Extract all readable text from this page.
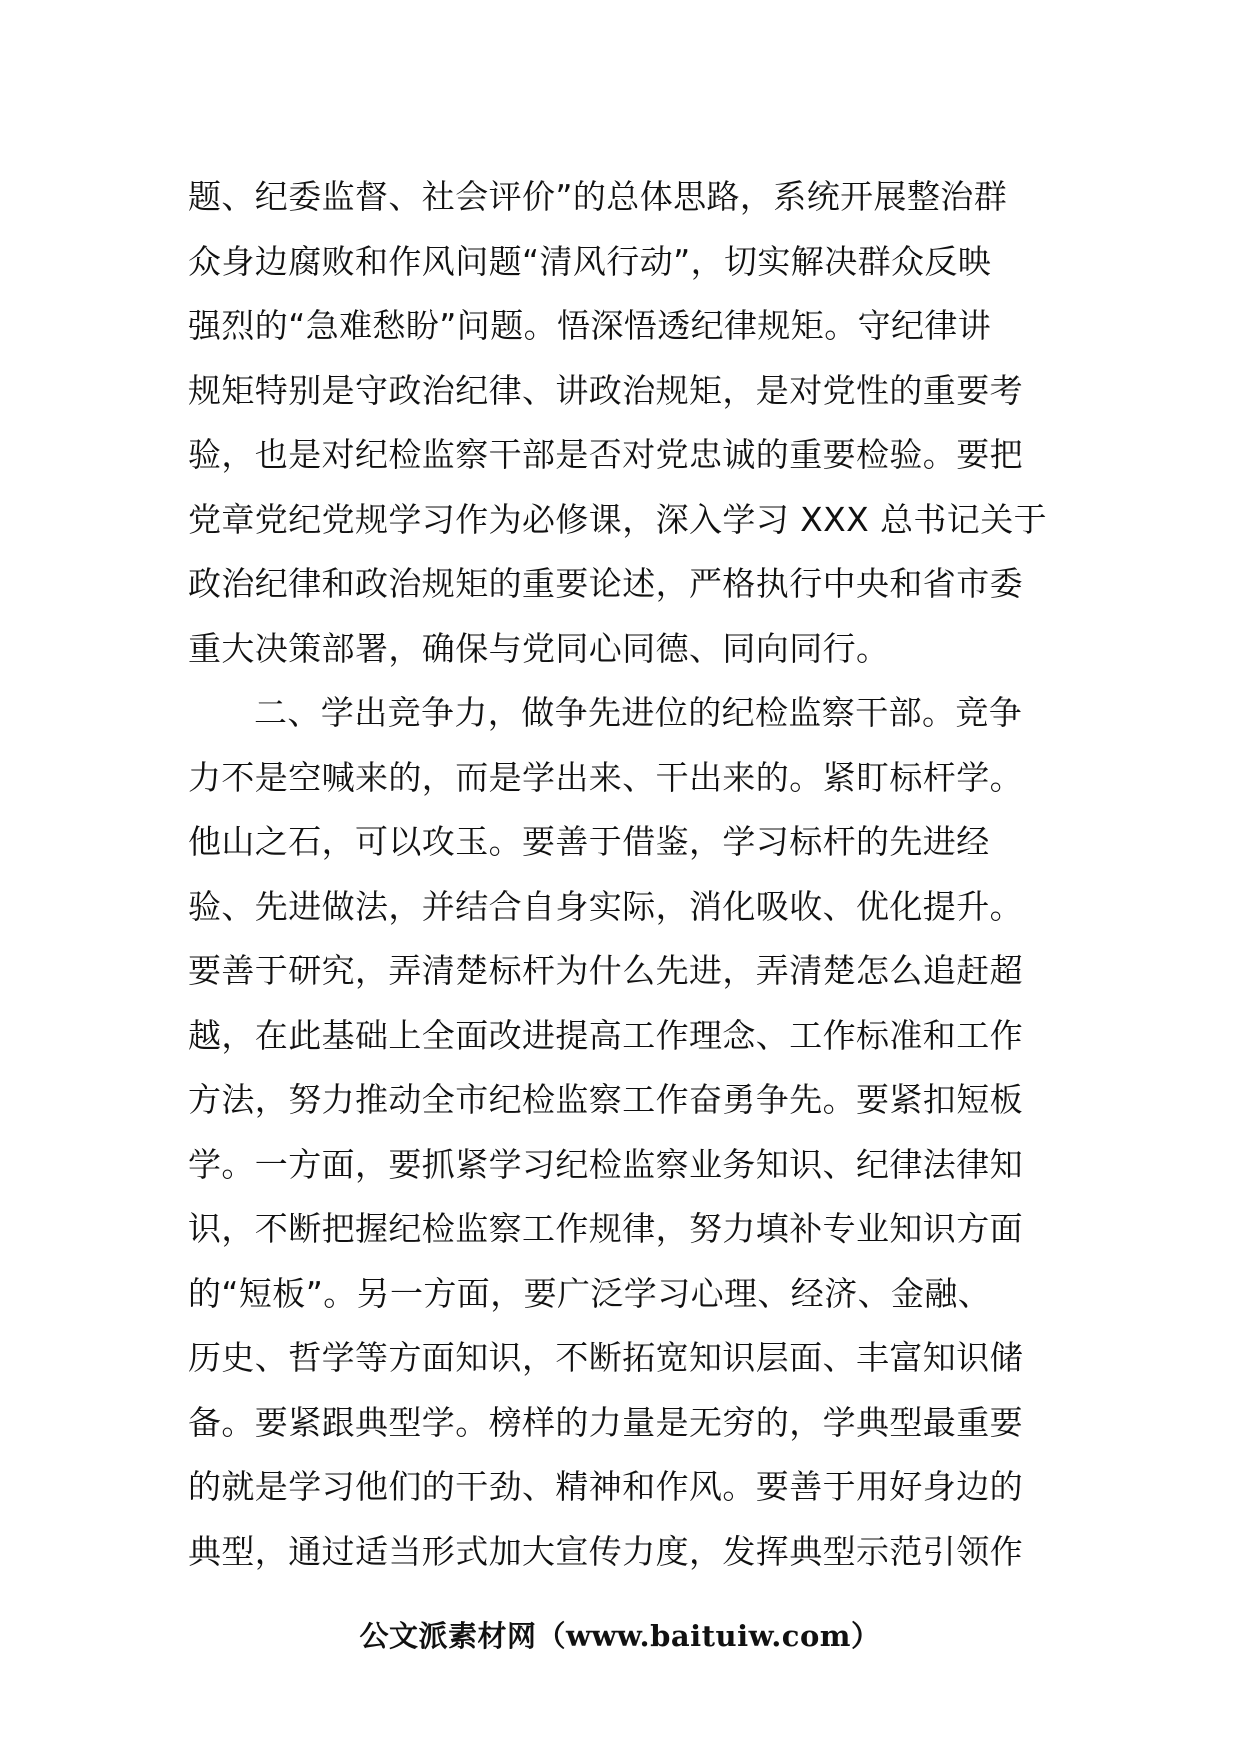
题、纪委监督、社会评价”的总体思路，系统开展整治群
众身边腐败和作风问题“清风行动”，切实解决群众反映
强烈的“急难愁盼”问题。悟深悟透纪律规矩。守纪律讲
规矩特别是守政治纪律、讲政治规矩，是对党性的重要考
验，也是对纪检监察干部是否对党忠诚的重要检验。要把
党章党纪党规学习作为必修课，深入学习 XXX 总书记关于
政治纪律和政治规矩的重要论述，严格执行中央和省市委
重大决策部署，确保与党同心同德、同向同行。
二、学出竞争力，做争先进位的纪检监察干部。竞争
力不是空喊来的，而是学出来、干出来的。紧盯标杆学。
他山之石，可以攻玉。要善于借鉴，学习标杆的先进经
验、先进做法，并结合自身实际，消化吸收、优化提升。
要善于研究，弄清楚标杆为什么先进，弄清楚怎么追赶超
越，在此基础上全面改进提高工作理念、工作标准和工作
方法，努力推动全市纪检监察工作奋勇争先。要紧扣短板
学。一方面，要抓紧学习纪检监察业务知识、纪律法律知
识，不断把握纪检监察工作规律，努力填补专业知识方面
的“短板”。另一方面，要广泛学习心理、经济、金融、
历史、哲学等方面知识，不断拓宽知识层面、丰富知识储
备。要紧跟典型学。榜样的力量是无穷的，学典型最重要
的就是学习他们的干劲、精神和作风。要善于用好身边的
典型，通过适当形式加大宣传力度，发挥典型示范引领作
公文派素材网（www.baituiw.com）
